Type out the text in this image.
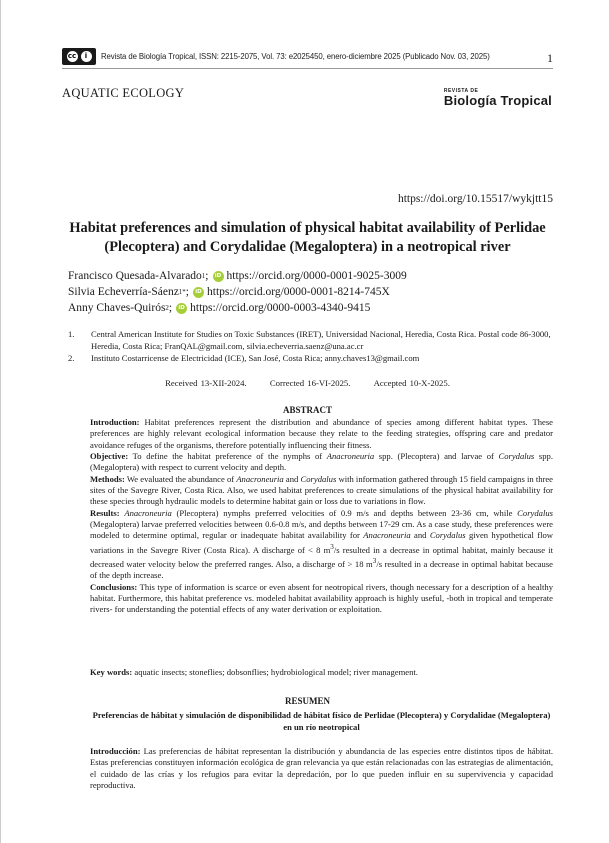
cc	i	Revista de Biología Tropical, ISSN: 2215-2075, Vol. 73: e2025450, enero-diciembre 2025 (Publicado Nov. 03, 2025)	1
AQUATIC ECOLOGY	REVISTA DE
Biología Tropical
https://doi.org/10.15517/wykjtt15
Habitat preferences and simulation of physical habitat availability of Perlidae (Plecoptera) and Corydalidae (Megaloptera) in a neotropical river
Francisco Quesada-Alvarado 1 ;	iD https://orcid.org/0000-0001-9025-3009
Silvia Echeverría-Sáenz 1* ;	iD https://orcid.org/0000-0001-8214-745X
Anny Chaves-Quirós 2 ;	iD https://orcid.org/0000-0003-4340-9415
1.	Central American Institute for Studies on Toxic Substances (IRET), Universidad Nacional, Heredia, Costa Rica. Postal code 86-3000, Heredia, Costa Rica; FranQAL@gmail.com, silvia.echeverria.saenz@una.ac.cr
2.	Instituto Costarricense de Electricidad (ICE), San José, Costa Rica; anny.chaves13@gmail.com
Received 13-XII-2024.	Corrected 16-VI-2025.	Accepted 10-X-2025.
ABSTRACT

Introduction: Habitat preferences represent the distribution and abundance of species among different habitat types. These preferences are highly relevant ecological information because they relate to the feeding strategies, offspring care and predator avoidance refuges of the organisms, therefore potentially influencing their fitness.

Objective: To define the habitat preference of the nymphs of Anacroneuria spp. (Plecoptera) and larvae of Corydalus spp. (Megaloptera) with respect to current velocity and depth.

Methods: We evaluated the abundance of Anacroneuria and Corydalus with information gathered through 15 field campaigns in three sites of the Savegre River, Costa Rica. Also, we used habitat preferences to create simulations of the physical habitat availability for these species through hydraulic models to determine habitat gain or loss due to variations in flow.

Results: Anacroneuria (Plecoptera) nymphs preferred velocities of 0.9 m/s and depths between 23-36 cm, while Corydalus (Megaloptera) larvae preferred velocities between 0.6-0.8 m/s, and depths between 17-29 cm. As a case study, these preferences were modeled to determine optimal, regular or inadequate habitat availability for Anacroneuria and Corydalus given hypothetical flow variations in the Savegre River (Costa Rica). A discharge of < 8 $m^3/s$ resulted in a decrease in optimal habitat, mainly because it decreased water velocity below the preferred ranges. Also, a discharge of > 18 $m^3/s$ resulted in a decrease in optimal habitat because of the depth increase.

Conclusions: This type of information is scarce or even absent for neotropical rivers, though necessary for a description of a healthy habitat. Furthermore, this habitat preference vs. modeled habitat availability approach is highly useful, -both in tropical and temperate rivers- for understanding the potential effects of any water derivation or exploitation.

Key words: aquatic insects; stoneflies; dobsonflies; hydrobiological model; river management.
RESUMEN
Preferencias de hábitat y simulación de disponibilidad de hábitat físico de Perlidae (Plecoptera) y Corydalidae (Megaloptera) en un río neotropical

Introducción: Las preferencias de hábitat representan la distribución y abundancia de las especies entre distintos tipos de hábitat. Estas preferencias constituyen información ecológica de gran relevancia ya que están relacionadas con las estrategias de alimentación, el cuidado de las crías y los refugios para evitar la depredación, por lo que pueden influir en su supervivencia y capacidad reproductiva.
